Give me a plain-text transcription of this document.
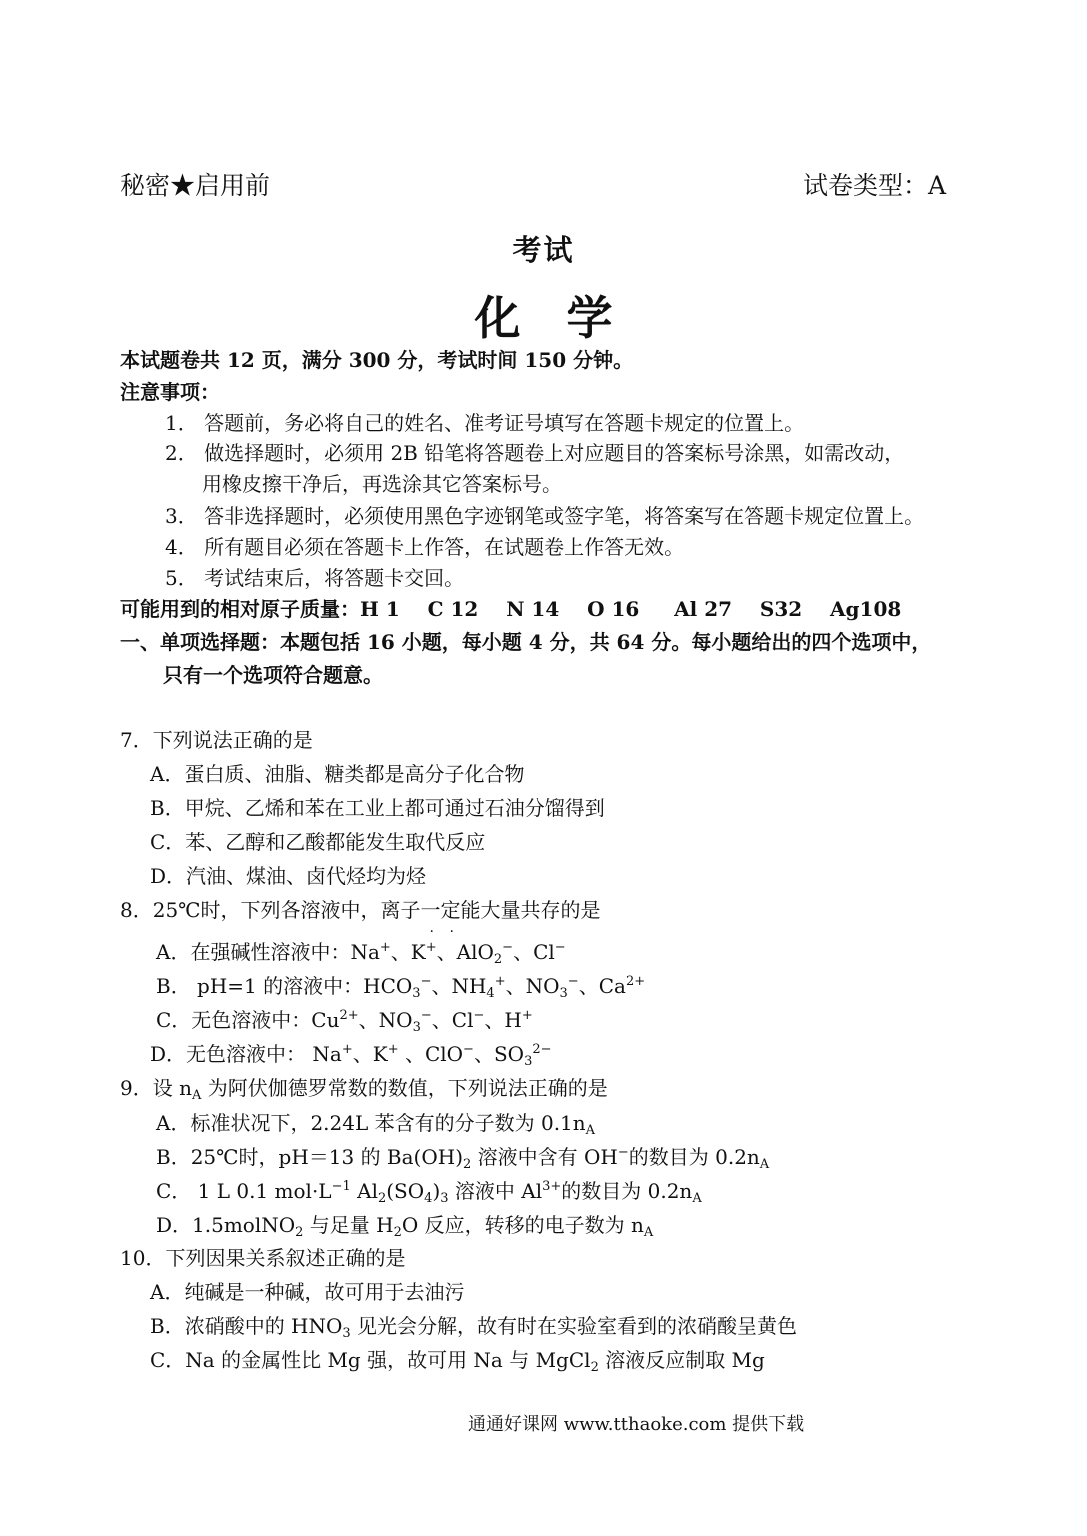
秘密★启用前	试卷类型：A
考试
化学
本试题卷共 12 页，满分 300 分，考试时间 150 分钟。
注意事项：
1． 答题前，务必将自己的姓名、准考证号填写在答题卡规定的位置上。
2． 做选择题时，必须用 2B 铅笔将答题卷上对应题目的答案标号涂黑，如需改动，
用橡皮擦干净后，再选涂其它答案标号。
3． 答非选择题时，必须使用黑色字迹钢笔或签字笔，将答案写在答题卡规定位置上。
4． 所有题目必须在答题卡上作答，在试题卷上作答无效。
5． 考试结束后，将答题卡交回。
可能用到的相对原子质量：H 1    C 12    N 14    O 16     Al 27    S32    Ag108
一、单项选择题：本题包括 16 小题，每小题 4 分，共 64 分。每小题给出的四个选项中，
只有一个选项符合题意。
7．下列说法正确的是
A．蛋白质、油脂、糖类都是高分子化合物
B．甲烷、乙烯和苯在工业上都可通过石油分馏得到
C．苯、乙醇和乙酸都能发生取代反应
D．汽油、煤油、卤代烃均为烃
8．25℃时，下列各溶液中，离子一定能大量共存的是
A．在强碱性溶液中：Na+、K+、AlO$_2$−、Cl−
B． pH=1 的溶液中：$HCO_3^-$、$NH_4^+$、$NO_3^-$、$Ca^{2+}$
C．无色溶液中：$Cu^{2+}$、$NO_3^-$、Cl−、H+
D．无色溶液中： Na+、K+ 、ClO−、$SO_3^{2-}$
9．设 $n_A$ 为阿伏伽德罗常数的数值，下列说法正确的是
A．标准状况下，2.24L 苯含有的分子数为 $0.1n_A$
B．25℃时，pH＝13 的 $Ba(OH)_2$ 溶液中含有 OH−的数目为 $0.2n_A$
C． 1 L 0.1 $mol\cdot L^{-1}$ $Al_2(SO_4)_3$ 溶液中 $Al^{3+}$的数目为 $0.2n_A$
D．1.5molNO$_2$ 与足量 $H_2O$ 反应，转移的电子数为 $n_A$
10．下列因果关系叙述正确的是
A．纯碱是一种碱，故可用于去油污
B．浓硝酸中的 $HNO_3$ 见光会分解，故有时在实验室看到的浓硝酸呈黄色
C．Na 的金属性比 Mg 强，故可用 Na 与 MgCl$_2$ 溶液反应制取 Mg
通通好课网 www.tthaoke.com 提供下载
